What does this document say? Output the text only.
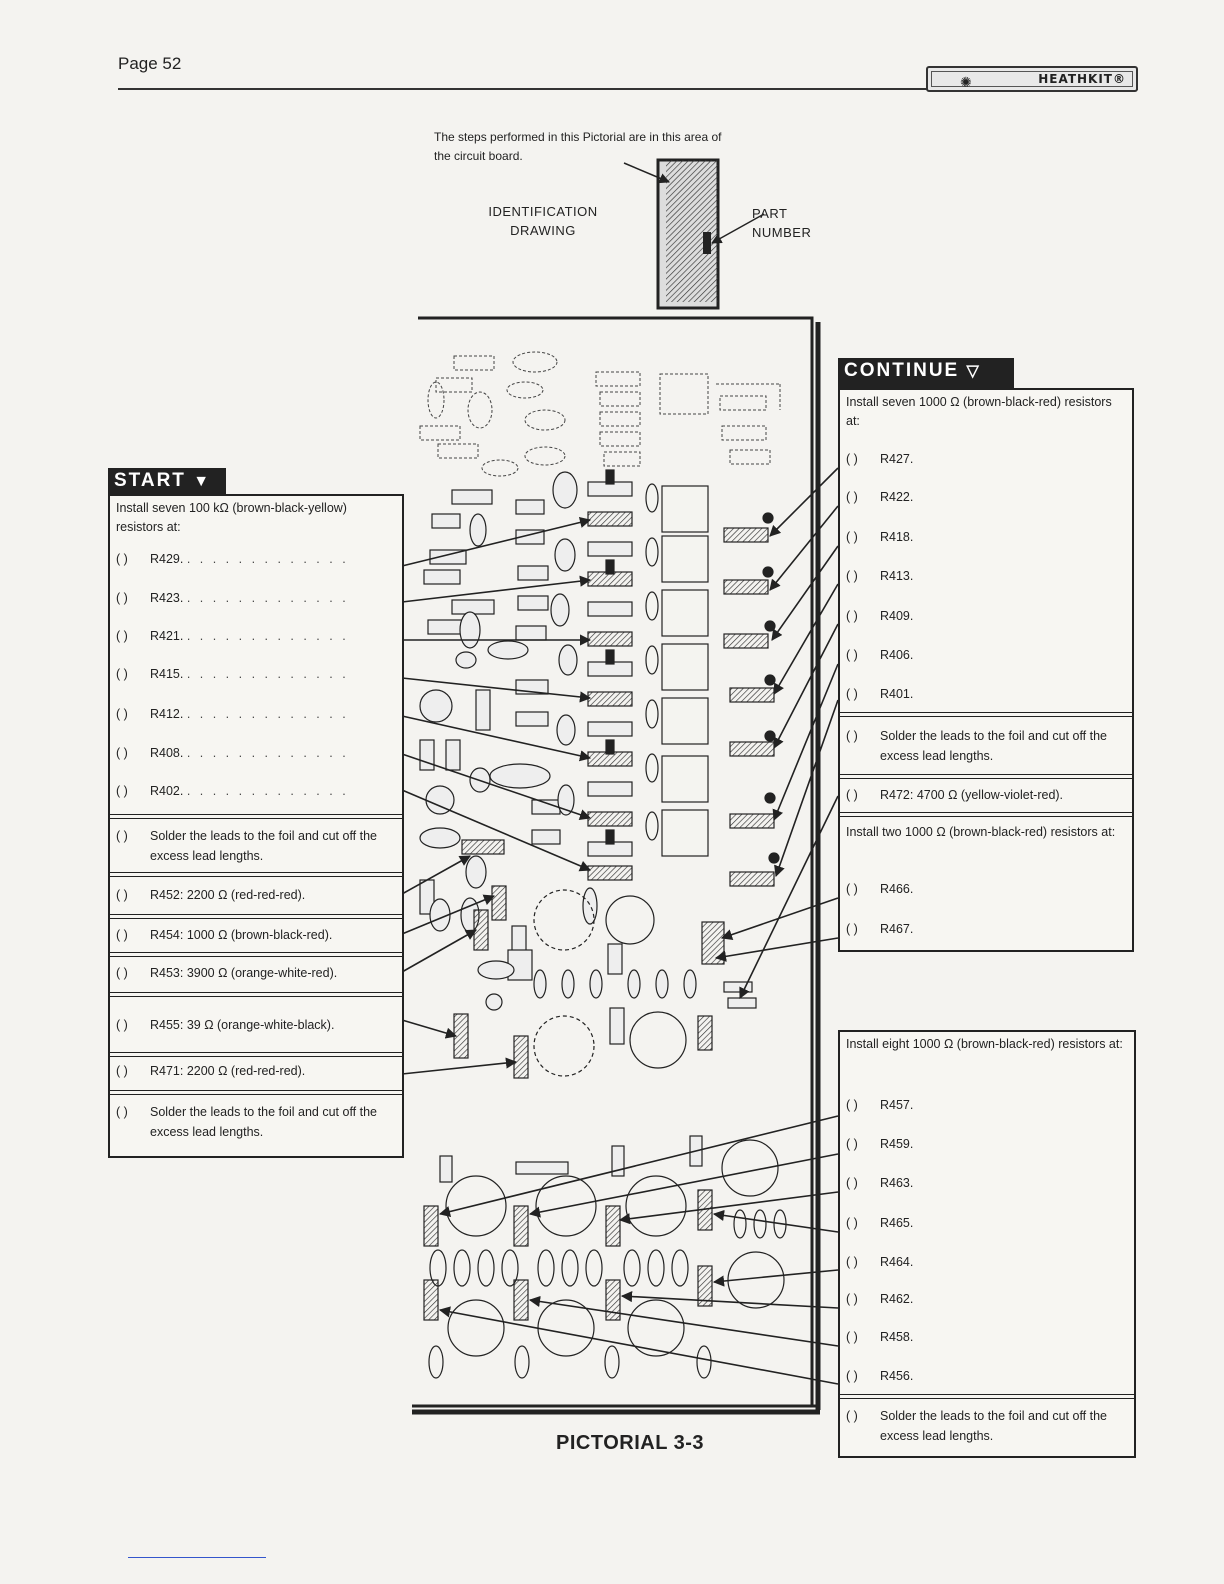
Page 52
✺	HEATHKIT®
The steps performed in this Pictorial are in this area of the circuit board.
IDENTIFICATION DRAWING
PART NUMBER
START ▼
Install seven 100 kΩ (brown-black-yellow) resistors at:
( ) R429. . . . . . . . . . . . . .
( ) R423. . . . . . . . . . . . . .
( ) R421. . . . . . . . . . . . . .
( ) R415. . . . . . . . . . . . . .
( ) R412. . . . . . . . . . . . . .
( ) R408. . . . . . . . . . . . . .
( ) R402. . . . . . . . . . . . . .
( )	Solder the leads to the foil and cut off the excess lead lengths.
( ) R452: 2200 Ω (red-red-red).
( ) R454: 1000 Ω (brown-black-red).
( ) R453: 3900 Ω (orange-white-red).
( ) R455: 39 Ω (orange-white-black).
( ) R471: 2200 Ω (red-red-red).
( )	Solder the leads to the foil and cut off the excess lead lengths.
CONTINUE ▽
Install seven 1000 Ω (brown-black-red) resistors at:
( ) R427.
( ) R422.
( ) R418.
( ) R413.
( ) R409.
( ) R406.
( ) R401.
( )	Solder the leads to the foil and cut off the excess lead lengths.
( ) R472: 4700 Ω (yellow-violet-red).
Install two 1000 Ω (brown-black-red) resistors at:
( ) R466.
( ) R467.
Install eight 1000 Ω (brown-black-red) resistors at:
( ) R457.
( ) R459.
( ) R463.
( ) R465.
( ) R464.
( ) R462.
( ) R458.
( ) R456.
( )	Solder the leads to the foil and cut off the excess lead lengths.
PICTORIAL 3-3
